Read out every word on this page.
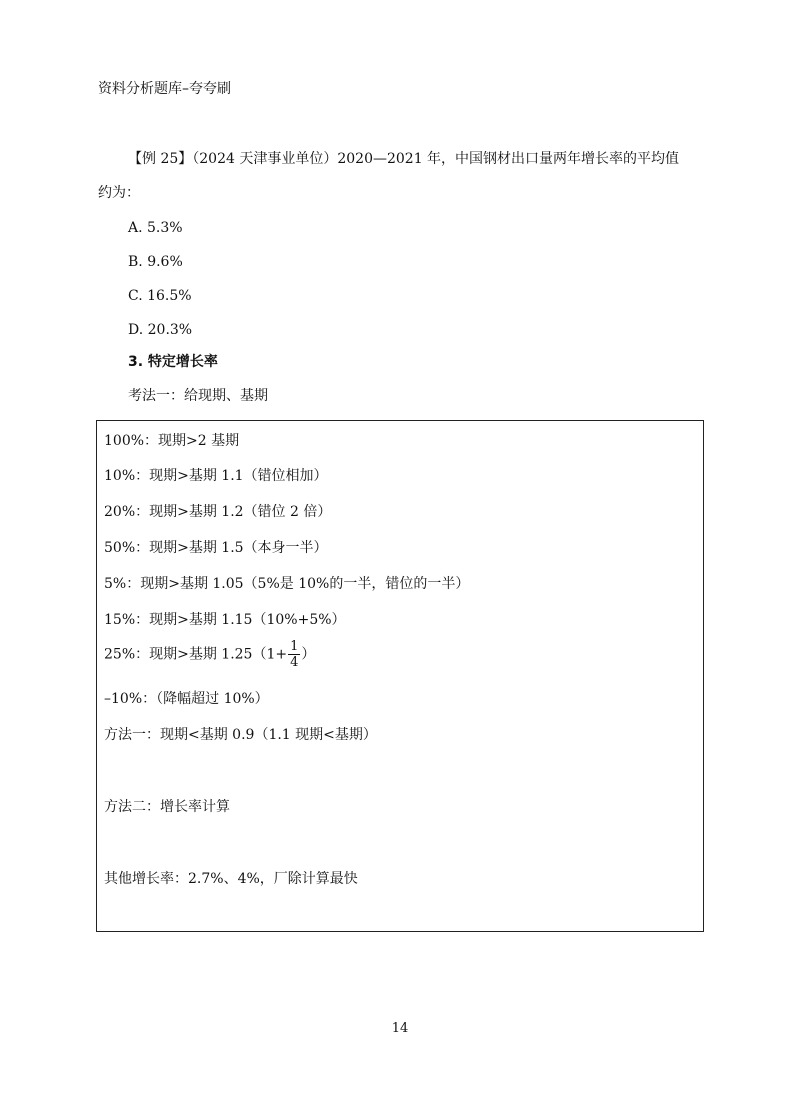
资料分析题库–夸夸刷
【例 25】（2024 天津事业单位）2020—2021 年，中国钢材出口量两年增长率的平均值
约为：
A. 5.3%
B. 9.6%
C. 16.5%
D. 20.3%
3. 特定增长率
考法一：给现期、基期
100%：现期>2 基期
10%：现期>基期 1.1（错位相加）
20%：现期>基期 1.2（错位 2 倍）
50%：现期>基期 1.5（本身一半）
5%：现期>基期 1.05（5%是 10%的一半，错位的一半）
15%：现期>基期 1.15（10%+5%）
25%：现期>基期 $1.25(1+ \frac{1}{4}$ ）
–10%：（降幅超过 10%）
方法一：现期<基期 0.9（1.1 现期<基期）
方法二：增长率计算
其他增长率：2.7%、4%，厂除计算最快
14
